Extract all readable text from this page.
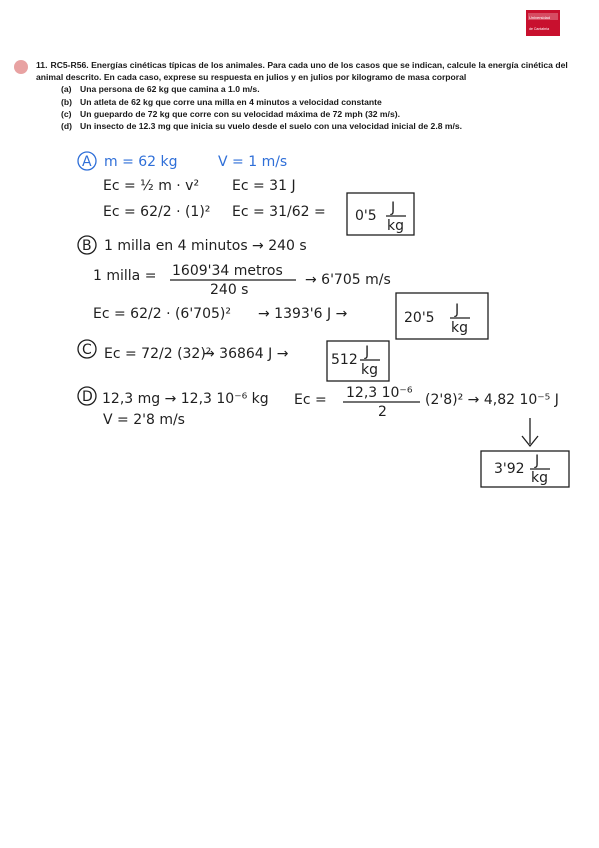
Universidad
de Cantabria
11. RC5-R56. Energías cinéticas típicas de los animales. Para cada uno de los casos que se indican, calcule la energía cinética del animal descrito. En cada caso, exprese su respuesta en julios y en julios por kilogramo de masa corporal
(a) Una persona de 62 kg que camina a 1.0 m/s.
(b) Un atleta de 62 kg que corre una milla en 4 minutos a velocidad constante
(c) Un guepardo de 72 kg que corre con su velocidad máxima de 72 mph (32 m/s).
(d) Un insecto de 12.3 mg que inicia su vuelo desde el suelo con una velocidad inicial de 2.8 m/s.
A m = 62 kg	V = 1 m/s
Ec = ½ m · v² Ec = 31 J
Ec = 62/2 · (1)² Ec = 31/62 = 0'5 J
kg
B 1 milla en 4 minutos → 240 s
1 milla = 1609'34 metros
240 s
→ 6'705 m/s
Ec = 62/2 · (6'705)² → 1393'6 J →	20'5 J
kg
C Ec = 72/2 (32)²
→ 36864 J →	512 J
kg
D 12,3 mg → 12,3 10⁻⁶ kg Ec = 12,3 10⁻⁶
2
(2'8)² → 4,82 10⁻⁵ J
V = 2'8 m/s
3'92 J
kg
